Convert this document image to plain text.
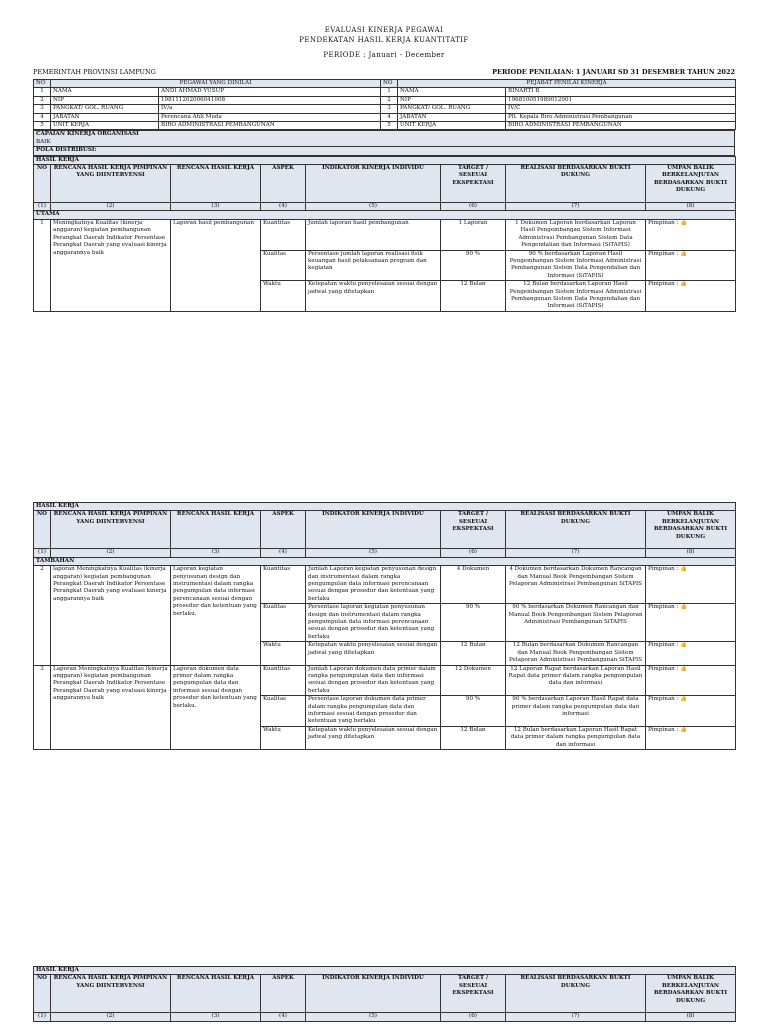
EVALUASI KINERJA PEGAWAI
PENDEKATAN HASIL KERJA KUANTITATIF
PERIODE : Januari - December
PEMERINTAH PROVINSI LAMPUNG	PERIODE PENILAIAN: 1 JANUARI SD 31 DESEMBER TAHUN 2022
NO	PEGAWAI YANG DINILAI		NO	PEJABAT PENILAI KINERJA	
1	NAMA	ANDI AHMAD YUSUP	1	NAMA	BINARTI B
2	NIP	198111202006041008	2	NIP	196810051989012001
3	PANGKAT/ GOL. RUANG	IV/a	3	PANGKAT/ GOL. RUANG	IV/C
4	JABATAN	Perencana Ahli Muda	4	JABATAN	Plt. Kepala Biro Administrasi Pembangunan
5	UNIT KERJA	BIRO ADMINISTRASI PEMBANGUNAN	5	UNIT KERJA	BIRO ADMINISTRASI PEMBANGUNAN
CAPAIAN KINERJA ORGANISASI
BAIK
POLA DISTRIBUSI:
HASIL KERJA							
NO	RENCANA HASIL KERJA PIMPINAN YANG DIINTERVENSI	RENCANA HASIL KERJA	ASPEK	INDIKATOR KINERJA INDIVIDU	TARGET / SESEUAI EKSPEKTASI	REALISASI BERDASARKAN BUKTI DUKUNG	UMPAN BALIK BERKELANJUTAN BERDASARKAN BUKTI DUKUNG
(1)	(2)	(3)	(4)	(5)	(6)	(7)	(8)
UTAMA							
1	Meningkatnya Kualitas (kinerja anggaran) kegiatan pembangunan Perangkat Daerah Indikator Persentase Perangkat Daerah yang evaluasi kinerja anggarannya baik	Laporan hasil pembangunan	Kuantitas	Jumlah laporan hasil pembangunan	1 Laporan	1 Dokumen Laporan berdasarkan Laporan Hasil Pengembangan Sistem Informasi Administrasi Pembangunan Sistem Data Pengendalian dan Informasi (SiTAPIS)	Pimpinan : 👍
			Kualitas	Persentase jumlah laporan realisasi fisik keuangan hasil pelaksanaan program dan kegiatan	90 %	90 % berdasarkan Laporan Hasil Pengembangan Sistem Informasi Administrasi Pembangunan Sistem Data Pengendalian dan Informasi (SiTAPIS)	Pimpinan : 👍
			Waktu	Ketepatan waktu penyelesaian sesuai dengan jadwal yang ditetapkan	12 Bulan	12 Bulan berdasarkan Laporan Hasil Pengembangan Sistem Informasi Administrasi Pembangunan Sistem Data Pengendalian dan Informasi (SiTAPIS)	Pimpinan : 👍
HASIL KERJA							
NO	RENCANA HASIL KERJA PIMPINAN YANG DIINTERVENSI	RENCANA HASIL KERJA	ASPEK	INDIKATOR KINERJA INDIVIDU	TARGET / SESEUAI EKSPEKTASI	REALISASI BERDASARKAN BUKTI DUKUNG	UMPAN BALIK BERKELANJUTAN BERDASARKAN BUKTI DUKUNG
(1)	(2)	(3)	(4)	(5)	(6)	(7)	(8)
TAMBAHAN							
2	laporan Meningkatnya Kualitas (kinerja anggaran) kegiatan pembangunan Perangkat Daerah Indikator Persentase Perangkat Daerah yang evaluasi kinerja anggarannya baik	Laporan kegiatan penyusunan design dan instrumentasi dalam rangka pengumpulan data informasi perencanaan sesuai dengan prosedur dan ketentuan yang berlaku.	Kuantitas	Jumlah Laporan kegiatan penyusunan design dan instrumentasi dalam rangka pengumpulan data informasi perencanaan sesuai dengan prosedur dan ketentuan yang berlaku	4 Dokumen	4 Dokumen berdasarkan Dokumen Rancangan dan Manual Book Pengembangan Sistem Pelaporan Administrasi Pembangunan SiTAPIS	Pimpinan : 👍
			Kualitas	Persentase laporan kegiatan penyusunan design dan instrumentasi dalam rangka pengumpulan data informasi perencanaan sesuai dengan prosedur dan ketentuan yang berlaku	90 %	90 % berdasarkan Dokumen Rancangan dan Manual Book Pengembangan Sistem Pelaporan Administrasi Pembangunan SiTAPIS	Pimpinan : 👍
			Waktu	Ketepatan waktu penyelesaian sesuai dengan jadwal yang ditetapkan	12 Bulan	12 Bulan berdasarkan Dokumen Rancangan dan Manual Book Pengembangan Sistem Pelaporan Administrasi Pembangunan SiTAPIS	Pimpinan : 👍
3	Laporan Meningkatnya Kualitas (kinerja anggaran) kegiatan pembangunan Perangkat Daerah Indikator Persentase Perangkat Daerah yang evaluasi kinerja anggarannya baik	Laporan dokumen data primer dalam rangka pengumpulan data dan informasi sesuai dengan prosedur dan ketentuan yang berlaku.	Kuantitas	Jumlah Laporan dokumen data primer dalam rangka pengumpulan data dan informasi sesuai dengan prosedur dan ketentuan yang berlaku	12 Dokumen	12 Laporan Rapat berdasarkan Laporan Hasil Rapat data primer dalam rangka pengumpulan data dan informasi	Pimpinan : 👍
			Kualitas	Persentase laporan dokumen data primer dalam rangka pengumpulan data dan informasi sesuai dengan prosedur dan ketentuan yang berlaku	90 %	90 % berdasarkan Laporan Hasil Rapat data primer dalam rangka pengumpulan data dan informasi	Pimpinan : 👍
			Waktu	Ketepatan waktu penyelesaian sesuai dengan jadwal yang ditetapkan	12 Bulan	12 Bulan berdasarkan Laporan Hasil Rapat data primer dalam rangka pengumpulan data dan informasi	Pimpinan : 👍
HASIL KERJA							
NO	RENCANA HASIL KERJA PIMPINAN YANG DIINTERVENSI	RENCANA HASIL KERJA	ASPEK	INDIKATOR KINERJA INDIVIDU	TARGET / SESEUAI EKSPEKTASI	REALISASI BERDASARKAN BUKTI DUKUNG	UMPAN BALIK BERKELANJUTAN BERDASARKAN BUKTI DUKUNG
(1)	(2)	(3)	(4)	(5)	(6)	(7)	(8)
